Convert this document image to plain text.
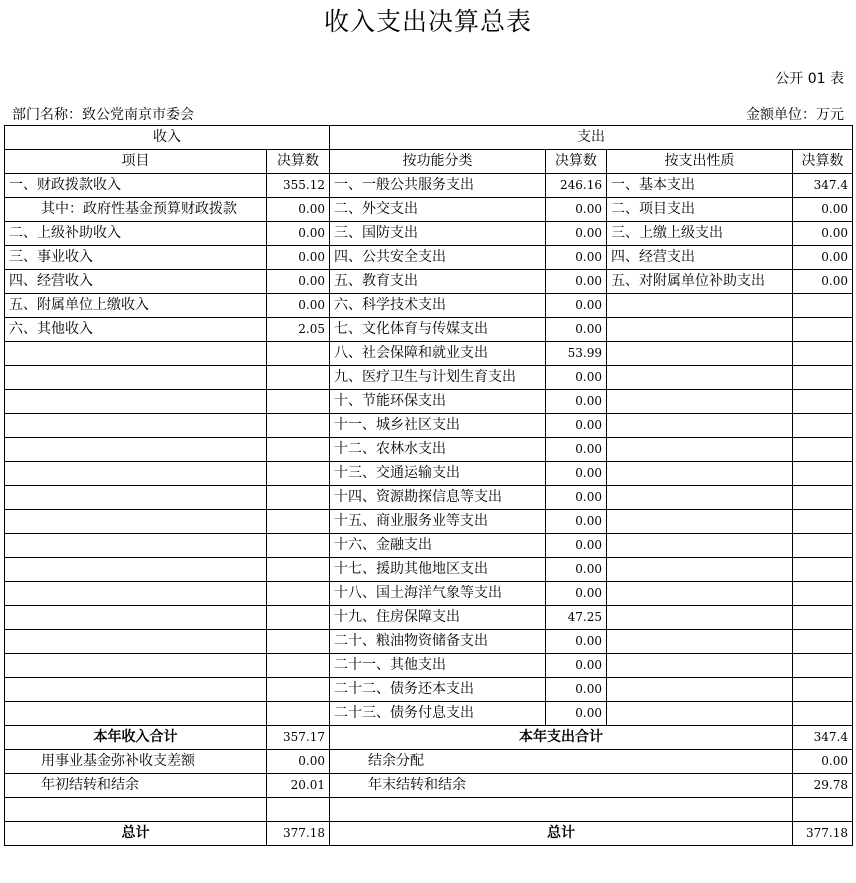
收入支出决算总表
公开 01 表
部门名称：致公党南京市委会	金额单位：万元
收入		支出			
项目	决算数	按功能分类	决算数	按支出性质	决算数
一、财政拨款收入	355.12	一、一般公共服务支出	246.16	一、基本支出	347.4
其中：政府性基金预算财政拨款	0.00	二、外交支出	0.00	二、项目支出	0.00
二、上级补助收入	0.00	三、国防支出	0.00	三、上缴上级支出	0.00
三、事业收入	0.00	四、公共安全支出	0.00	四、经营支出	0.00
四、经营收入	0.00	五、教育支出	0.00	五、对附属单位补助支出	0.00
五、附属单位上缴收入	0.00	六、科学技术支出	0.00		
六、其他收入	2.05	七、文化体育与传媒支出	0.00		
		八、社会保障和就业支出	53.99		
		九、医疗卫生与计划生育支出	0.00		
		十、节能环保支出	0.00		
		十一、城乡社区支出	0.00		
		十二、农林水支出	0.00		
		十三、交通运输支出	0.00		
		十四、资源勘探信息等支出	0.00		
		十五、商业服务业等支出	0.00		
		十六、金融支出	0.00		
		十七、援助其他地区支出	0.00		
		十八、国土海洋气象等支出	0.00		
		十九、住房保障支出	47.25		
		二十、粮油物资储备支出	0.00		
		二十一、其他支出	0.00		
		二十二、债务还本支出	0.00		
		二十三、债务付息支出	0.00		
本年收入合计	357.17	本年支出合计			347.4
用事业基金弥补收支差额	0.00	结余分配			0.00
年初结转和结余	20.01	年末结转和结余			29.78

总计	377.18	总计			377.18
